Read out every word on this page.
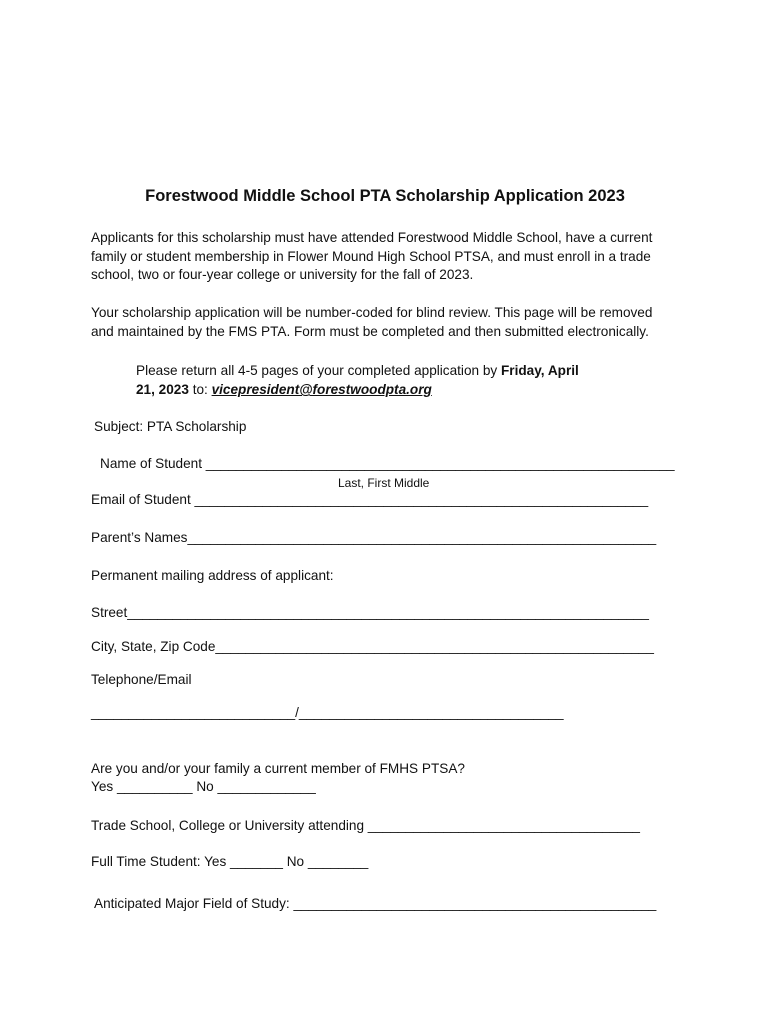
Forestwood Middle School PTA Scholarship Application 2023
Applicants for this scholarship must have attended Forestwood Middle School, have a current
family or student membership in Flower Mound High School PTSA, and must enroll in a trade
school, two or four-year college or university for the fall of 2023.
Your scholarship application will be number-coded for blind review. This page will be removed
and maintained by the FMS PTA. Form must be completed and then submitted electronically.
Please return all 4-5 pages of your completed application by Friday, April
21, 2023 to: vicepresident@forestwoodpta.org
Subject: PTA Scholarship
Name of Student ______________________________________________________________
Last, First Middle
Email of Student ____________________________________________________________
Parent’s Names______________________________________________________________
Permanent mailing address of applicant:
Street_____________________________________________________________________
City, State, Zip Code__________________________________________________________
Telephone/Email
___________________________/___________________________________
Are you and/or your family a current member of FMHS PTSA?
Yes __________ No _____________
Trade School, College or University attending ____________________________________
Full Time Student: Yes _______ No ________
Anticipated Major Field of Study: ________________________________________________
